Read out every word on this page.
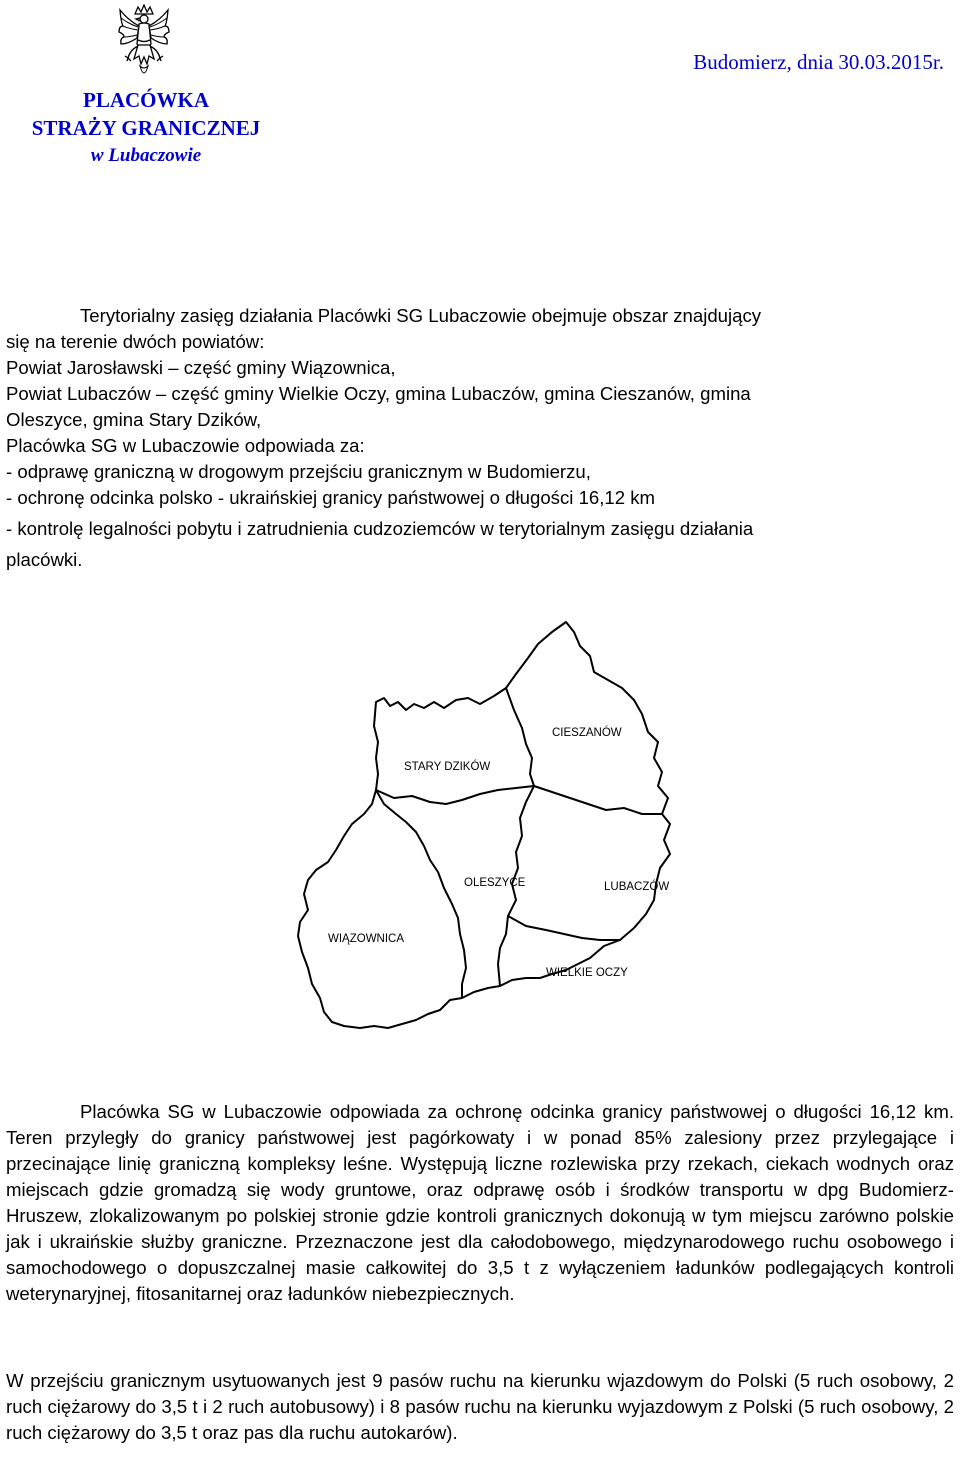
PLACÓWKA
STRAŻY GRANICZNEJ
w Lubaczowie
Budomierz, dnia 30.03.2015r.
Terytorialny zasięg działania Placówki SG Lubaczowie obejmuje obszar znajdujący
się na terenie dwóch powiatów:
Powiat Jarosławski – część gminy Wiązownica,
Powiat Lubaczów – część gminy Wielkie Oczy, gmina Lubaczów, gmina Cieszanów, gmina
Oleszyce, gmina Stary Dzików,
Placówka SG w Lubaczowie odpowiada za:
- odprawę graniczną w drogowym przejściu granicznym w Budomierzu,
- ochronę odcinka polsko - ukraińskiej granicy państwowej o długości 16,12 km
- kontrolę legalności pobytu i zatrudnienia cudzoziemców w terytorialnym zasięgu działania
placówki.
CIESZANÓW
STARY DZIKÓW
OLESZYCE	LUBACZÓW
WIĄZOWNICA
WIELKIE OCZY

Placówka SG w Lubaczowie odpowiada za ochronę odcinka granicy państwowej o długości 16,12 km. Teren przyległy do granicy państwowej jest pagórkowaty i w ponad 85% zalesiony przez przylegające i przecinające linię graniczną kompleksy leśne. Występują liczne rozlewiska przy rzekach, ciekach wodnych oraz miejscach gdzie gromadzą się wody gruntowe, oraz odprawę osób i środków transportu w dpg Budomierz-Hruszew, zlokalizowanym po polskiej stronie gdzie kontroli granicznych dokonują w tym miejscu zarówno polskie jak i ukraińskie służby graniczne. Przeznaczone jest dla całodobowego, międzynarodowego ruchu osobowego i samochodowego o dopuszczalnej masie całkowitej do 3,5 t z wyłączeniem ładunków podlegających kontroli weterynaryjnej, fitosanitarnej oraz ładunków niebezpiecznych.

W przejściu granicznym usytuowanych jest 9 pasów ruchu na kierunku wjazdowym do Polski (5 ruch osobowy, 2 ruch ciężarowy do 3,5 t i 2 ruch autobusowy) i 8 pasów ruchu na kierunku wyjazdowym z Polski (5 ruch osobowy, 2 ruch ciężarowy do 3,5 t oraz pas dla ruchu autokarów).
